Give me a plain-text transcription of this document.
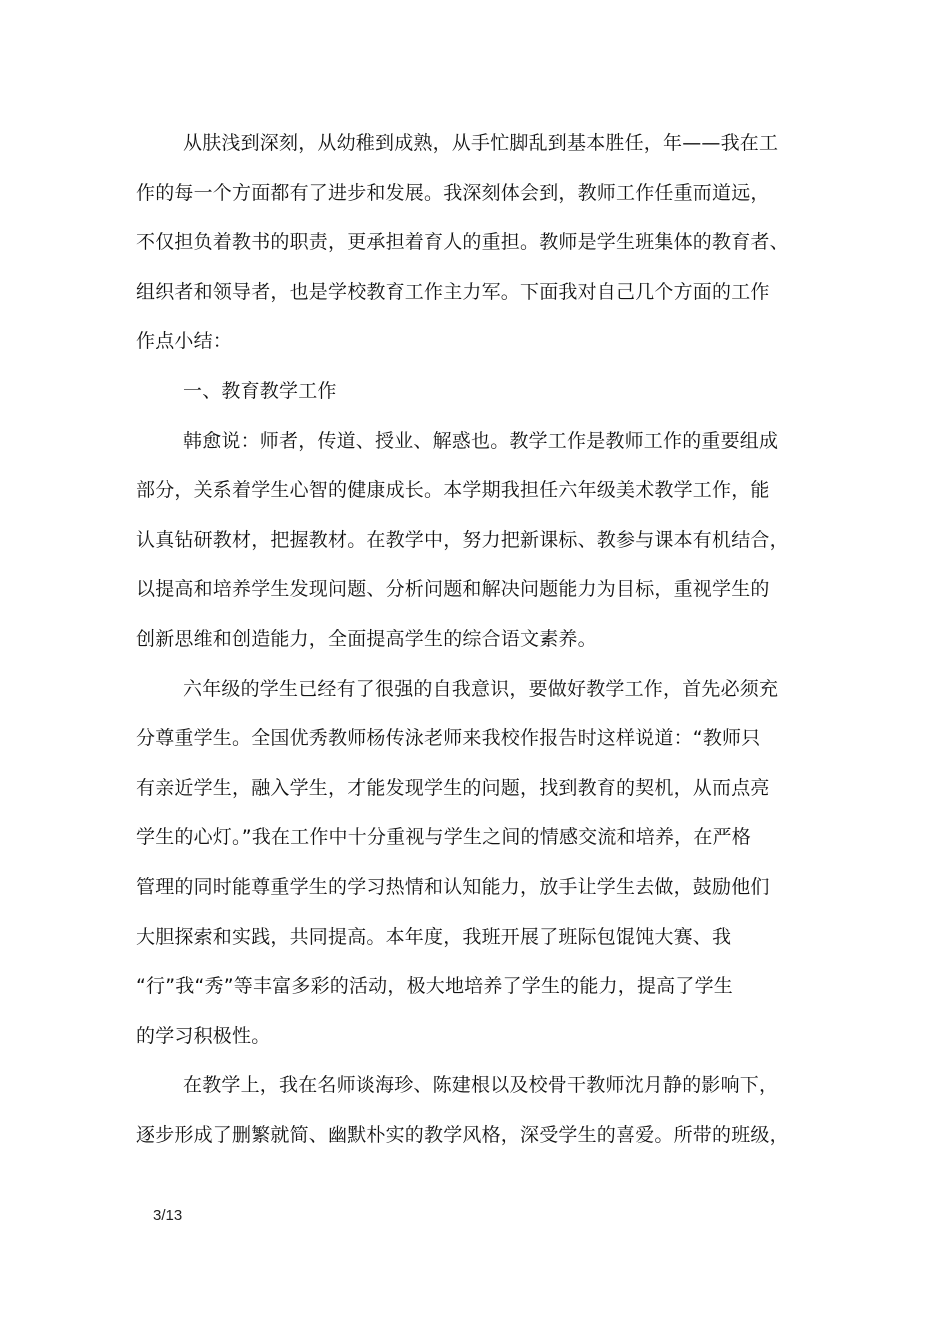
从肤浅到深刻，从幼稚到成熟，从手忙脚乱到基本胜任，年——我在工
作的每一个方面都有了进步和发展。我深刻体会到，教师工作任重而道远，
不仅担负着教书的职责，更承担着育人的重担。教师是学生班集体的教育者、
组织者和领导者，也是学校教育工作主力军。下面我对自己几个方面的工作
作点小结：
一、教育教学工作
韩愈说：师者，传道、授业、解惑也。教学工作是教师工作的重要组成
部分，关系着学生心智的健康成长。本学期我担任六年级美术教学工作，能
认真钻研教材，把握教材。在教学中，努力把新课标、教参与课本有机结合，
以提高和培养学生发现问题、分析问题和解决问题能力为目标，重视学生的
创新思维和创造能力，全面提高学生的综合语文素养。
六年级的学生已经有了很强的自我意识，要做好教学工作，首先必须充
分尊重学生。全国优秀教师杨传泳老师来我校作报告时这样说道：“教师只
有亲近学生，融入学生，才能发现学生的问题，找到教育的契机，从而点亮
学生的心灯。”我在工作中十分重视与学生之间的情感交流和培养，在严格
管理的同时能尊重学生的学习热情和认知能力，放手让学生去做，鼓励他们
大胆探索和实践，共同提高。本年度，我班开展了班际包馄饨大赛、我
“行”我“秀”等丰富多彩的活动，极大地培养了学生的能力，提高了学生
的学习积极性。
在教学上，我在名师谈海珍、陈建根以及校骨干教师沈月静的影响下，
逐步形成了删繁就简、幽默朴实的教学风格，深受学生的喜爱。所带的班级，
3/13
